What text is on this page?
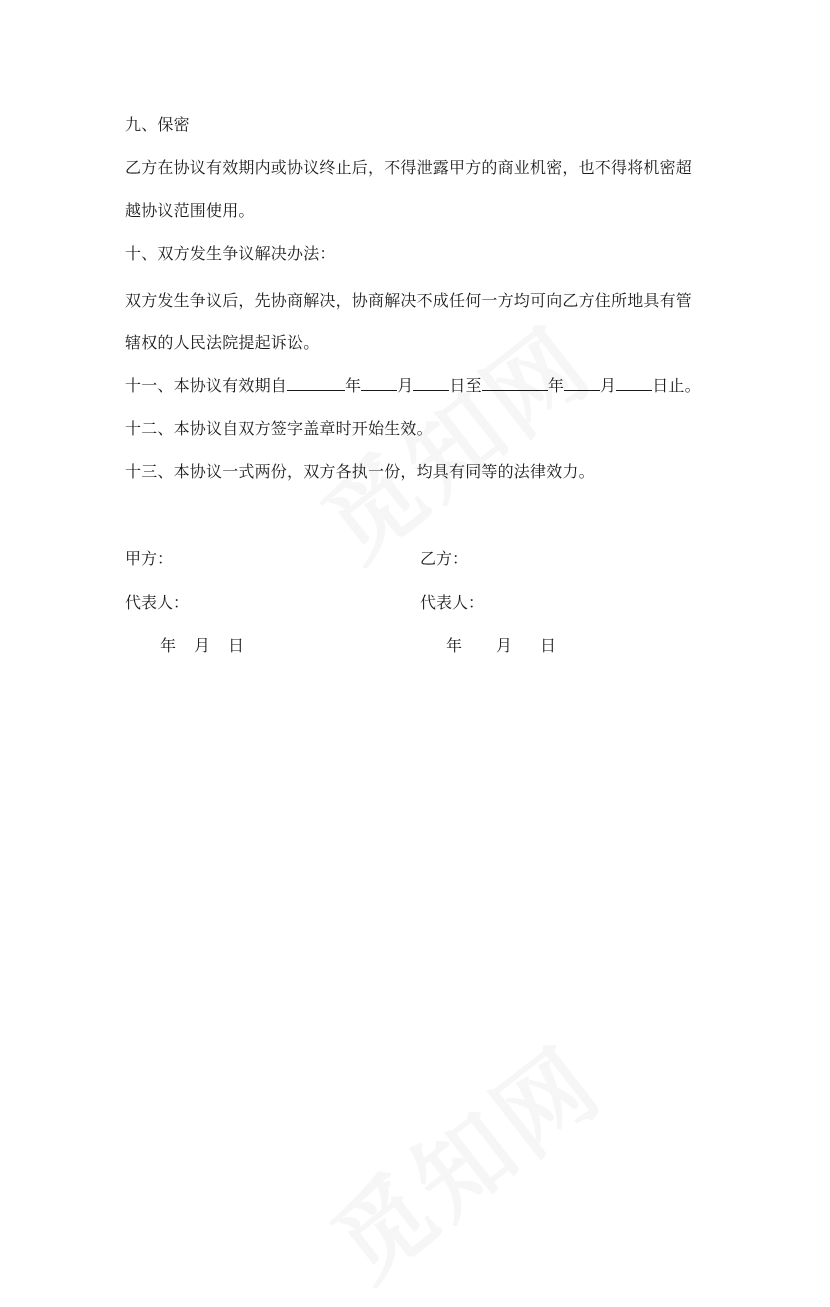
九、保密
乙方在协议有效期内或协议终止后，不得泄露甲方的商业机密，也不得将机密超
越协议范围使用。
十、双方发生争议解决办法：
双方发生争议后，先协商解决，协商解决不成任何一方均可向乙方住所地具有管
辖权的人民法院提起诉讼。
十一、本协议有效期自	年 月 日至	年 月 日止。
十二、本协议自双方签字盖章时开始生效。
十三、本协议一式两份，双方各执一份，均具有同等的法律效力。
甲方：	乙方：
代表人：	代表人：
年 月 日	年 月 日
